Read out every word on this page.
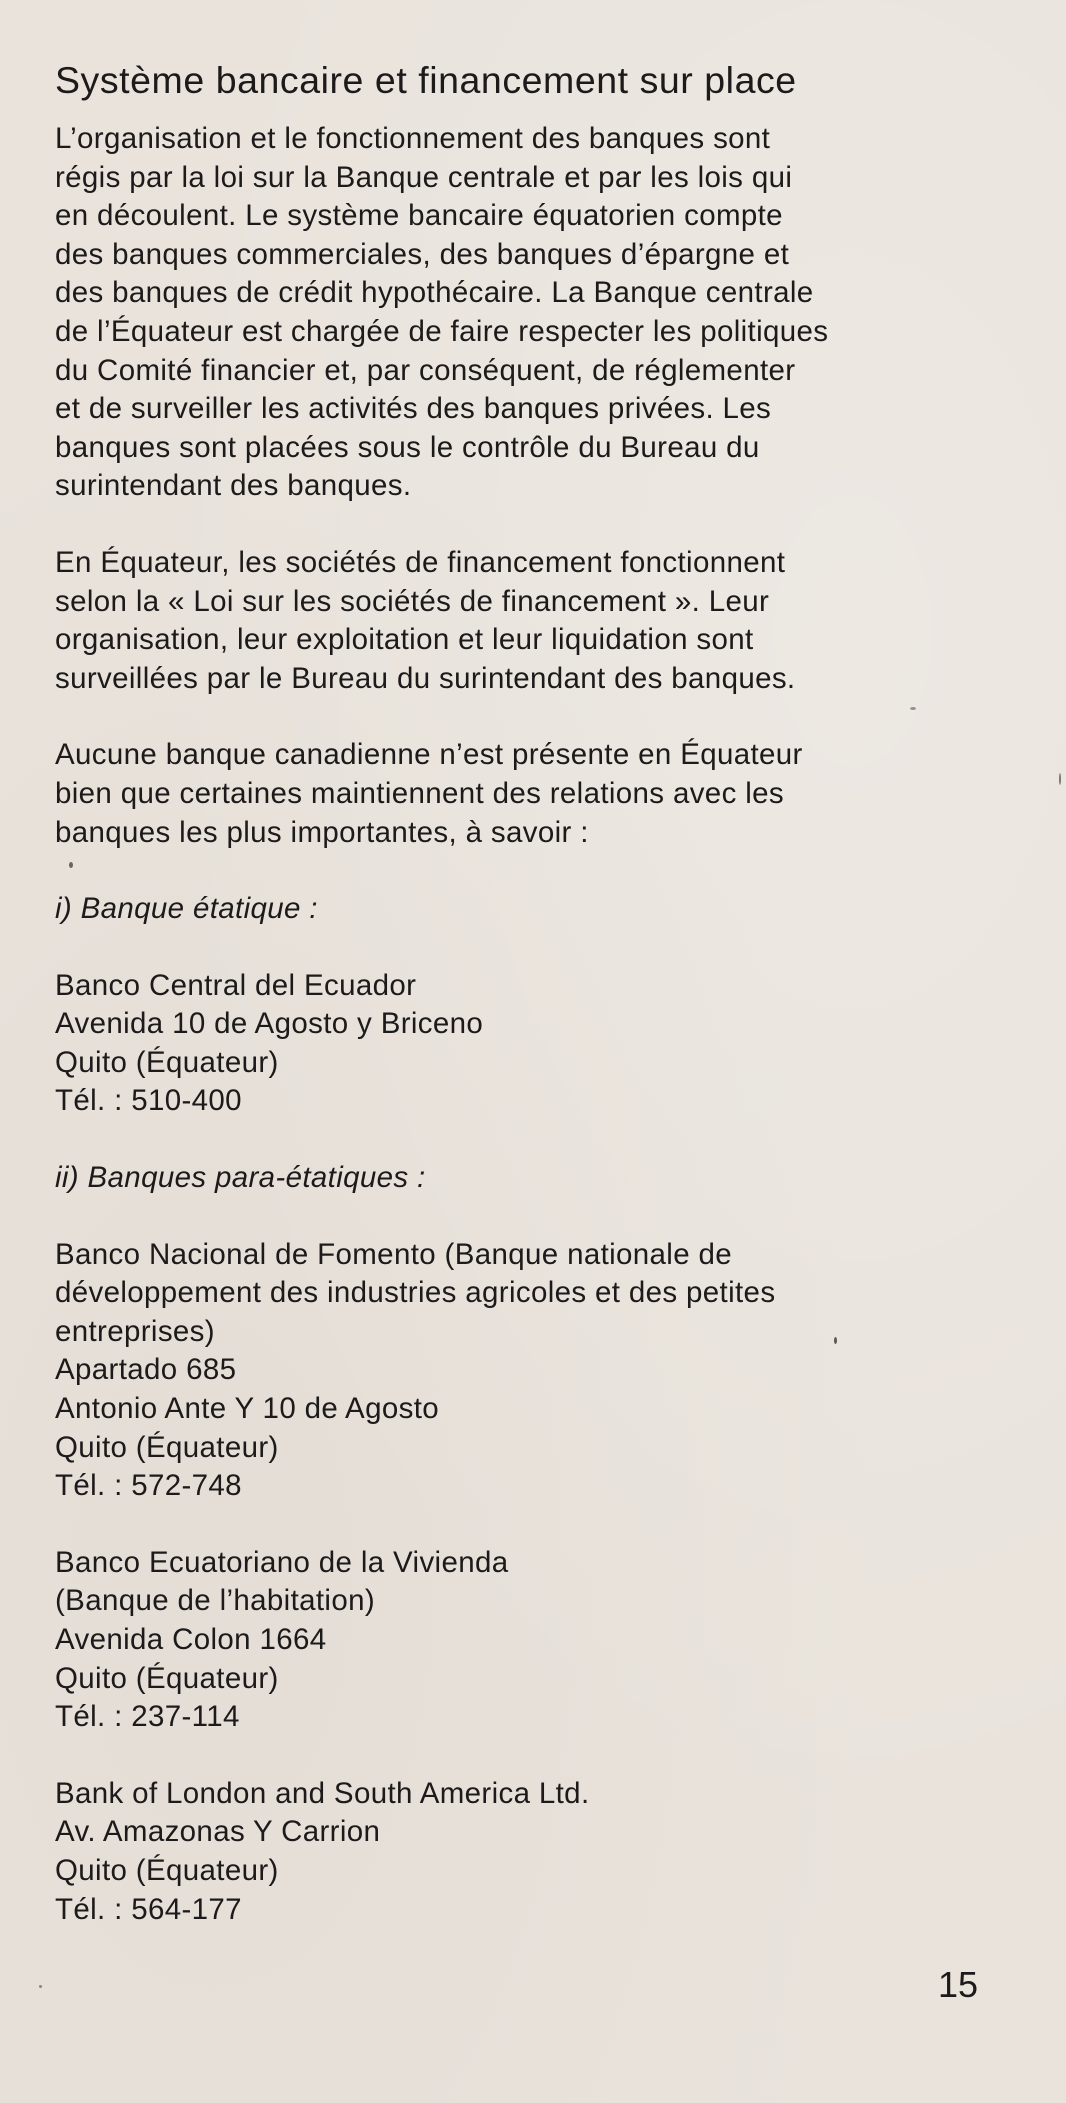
Système bancaire et financement sur place

L’organisation et le fonctionnement des banques sont
régis par la loi sur la Banque centrale et par les lois qui
en découlent. Le système bancaire équatorien compte
des banques commerciales, des banques d’épargne et
des banques de crédit hypothécaire. La Banque centrale
de l’Équateur est chargée de faire respecter les politiques
du Comité financier et, par conséquent, de réglementer
et de surveiller les activités des banques privées. Les
banques sont placées sous le contrôle du Bureau du
surintendant des banques.

En Équateur, les sociétés de financement fonctionnent
selon la « Loi sur les sociétés de financement ». Leur
organisation, leur exploitation et leur liquidation sont
surveillées par le Bureau du surintendant des banques.

Aucune banque canadienne n’est présente en Équateur
bien que certaines maintiennent des relations avec les
banques les plus importantes, à savoir :

i) Banque étatique :

Banco Central del Ecuador
Avenida 10 de Agosto y Briceno
Quito (Équateur)
Tél. : 510-400

ii) Banques para-étatiques :

Banco Nacional de Fomento (Banque nationale de
développement des industries agricoles et des petites
entreprises)
Apartado 685
Antonio Ante Y 10 de Agosto
Quito (Équateur)
Tél. : 572-748
Banco Ecuatoriano de la Vivienda
(Banque de l’habitation)
Avenida Colon 1664
Quito (Équateur)
Tél. : 237-114
Bank of London and South America Ltd.
Av. Amazonas Y Carrion
Quito (Équateur)
Tél. : 564-177
15
